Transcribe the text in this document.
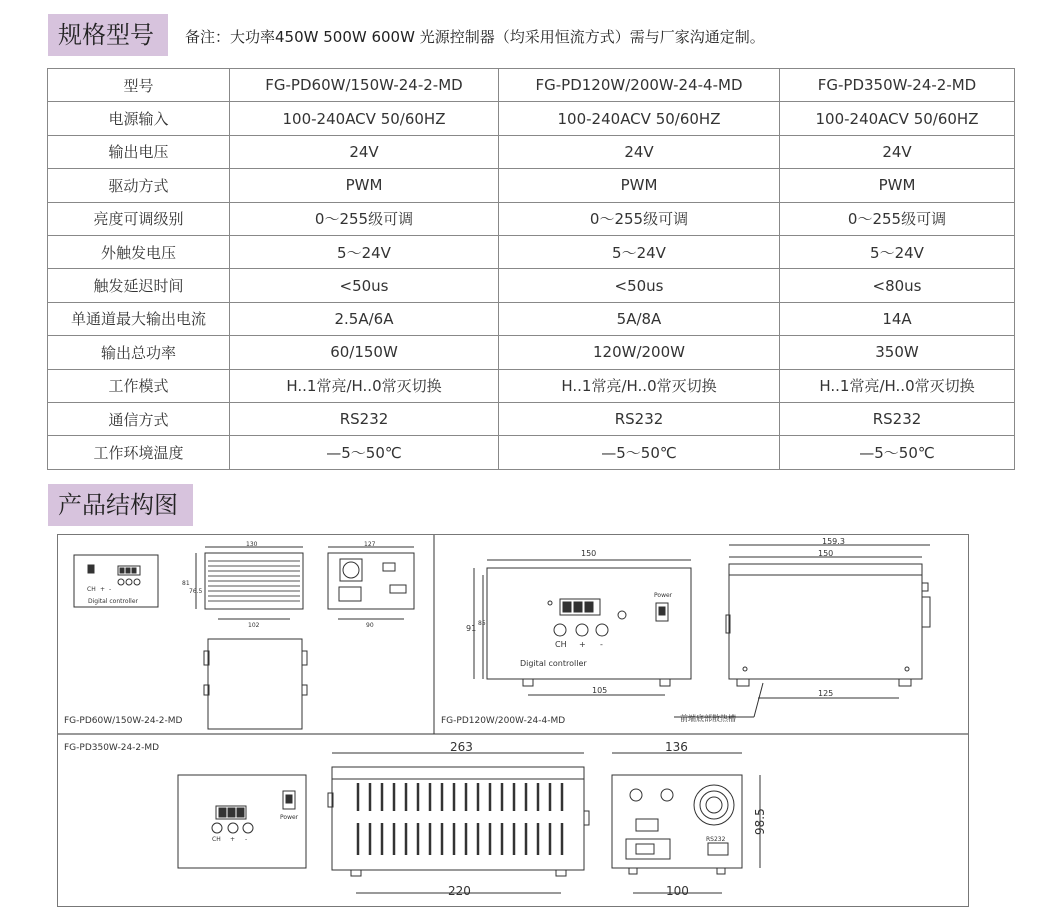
规格型号	备注：大功率450W 500W 600W 光源控制器（均采用恒流方式）需与厂家沟通定制。
型号	FG-PD60W/150W-24-2-MD	FG-PD120W/200W-24-4-MD	FG-PD350W-24-2-MD
电源输入	100-240ACV 50/60HZ	100-240ACV 50/60HZ	100-240ACV 50/60HZ
输出电压	24V	24V	24V
驱动方式	PWM	PWM	PWM
亮度可调级别	0～255级可调	0～255级可调	0～255级可调
外触发电压	5～24V	5～24V	5～24V
触发延迟时间	<50us	<50us	<80us
单通道最大输出电流	2.5A/6A	5A/8A	14A
输出总功率	60/150W	120W/200W	350W
工作模式	H..1常亮/H..0常灭切换	H..1常亮/H..0常灭切换	H..1常亮/H..0常灭切换
通信方式	RS232	RS232	RS232
工作环境温度	—5～50℃	—5～50℃	—5～50℃
产品结构图
CH + -
Digital controller
130
81
76.5
102
127
90
FG-PD60W/150W-24-2-MD
CH + -
Digital controller
Power
150
91
85
105
159.3
150
125
前端底部散热槽
FG-PD120W/200W-24-4-MD
FG-PD350W-24-2-MD
CH + -
Power
263
220
RS232
136
98.5
100
